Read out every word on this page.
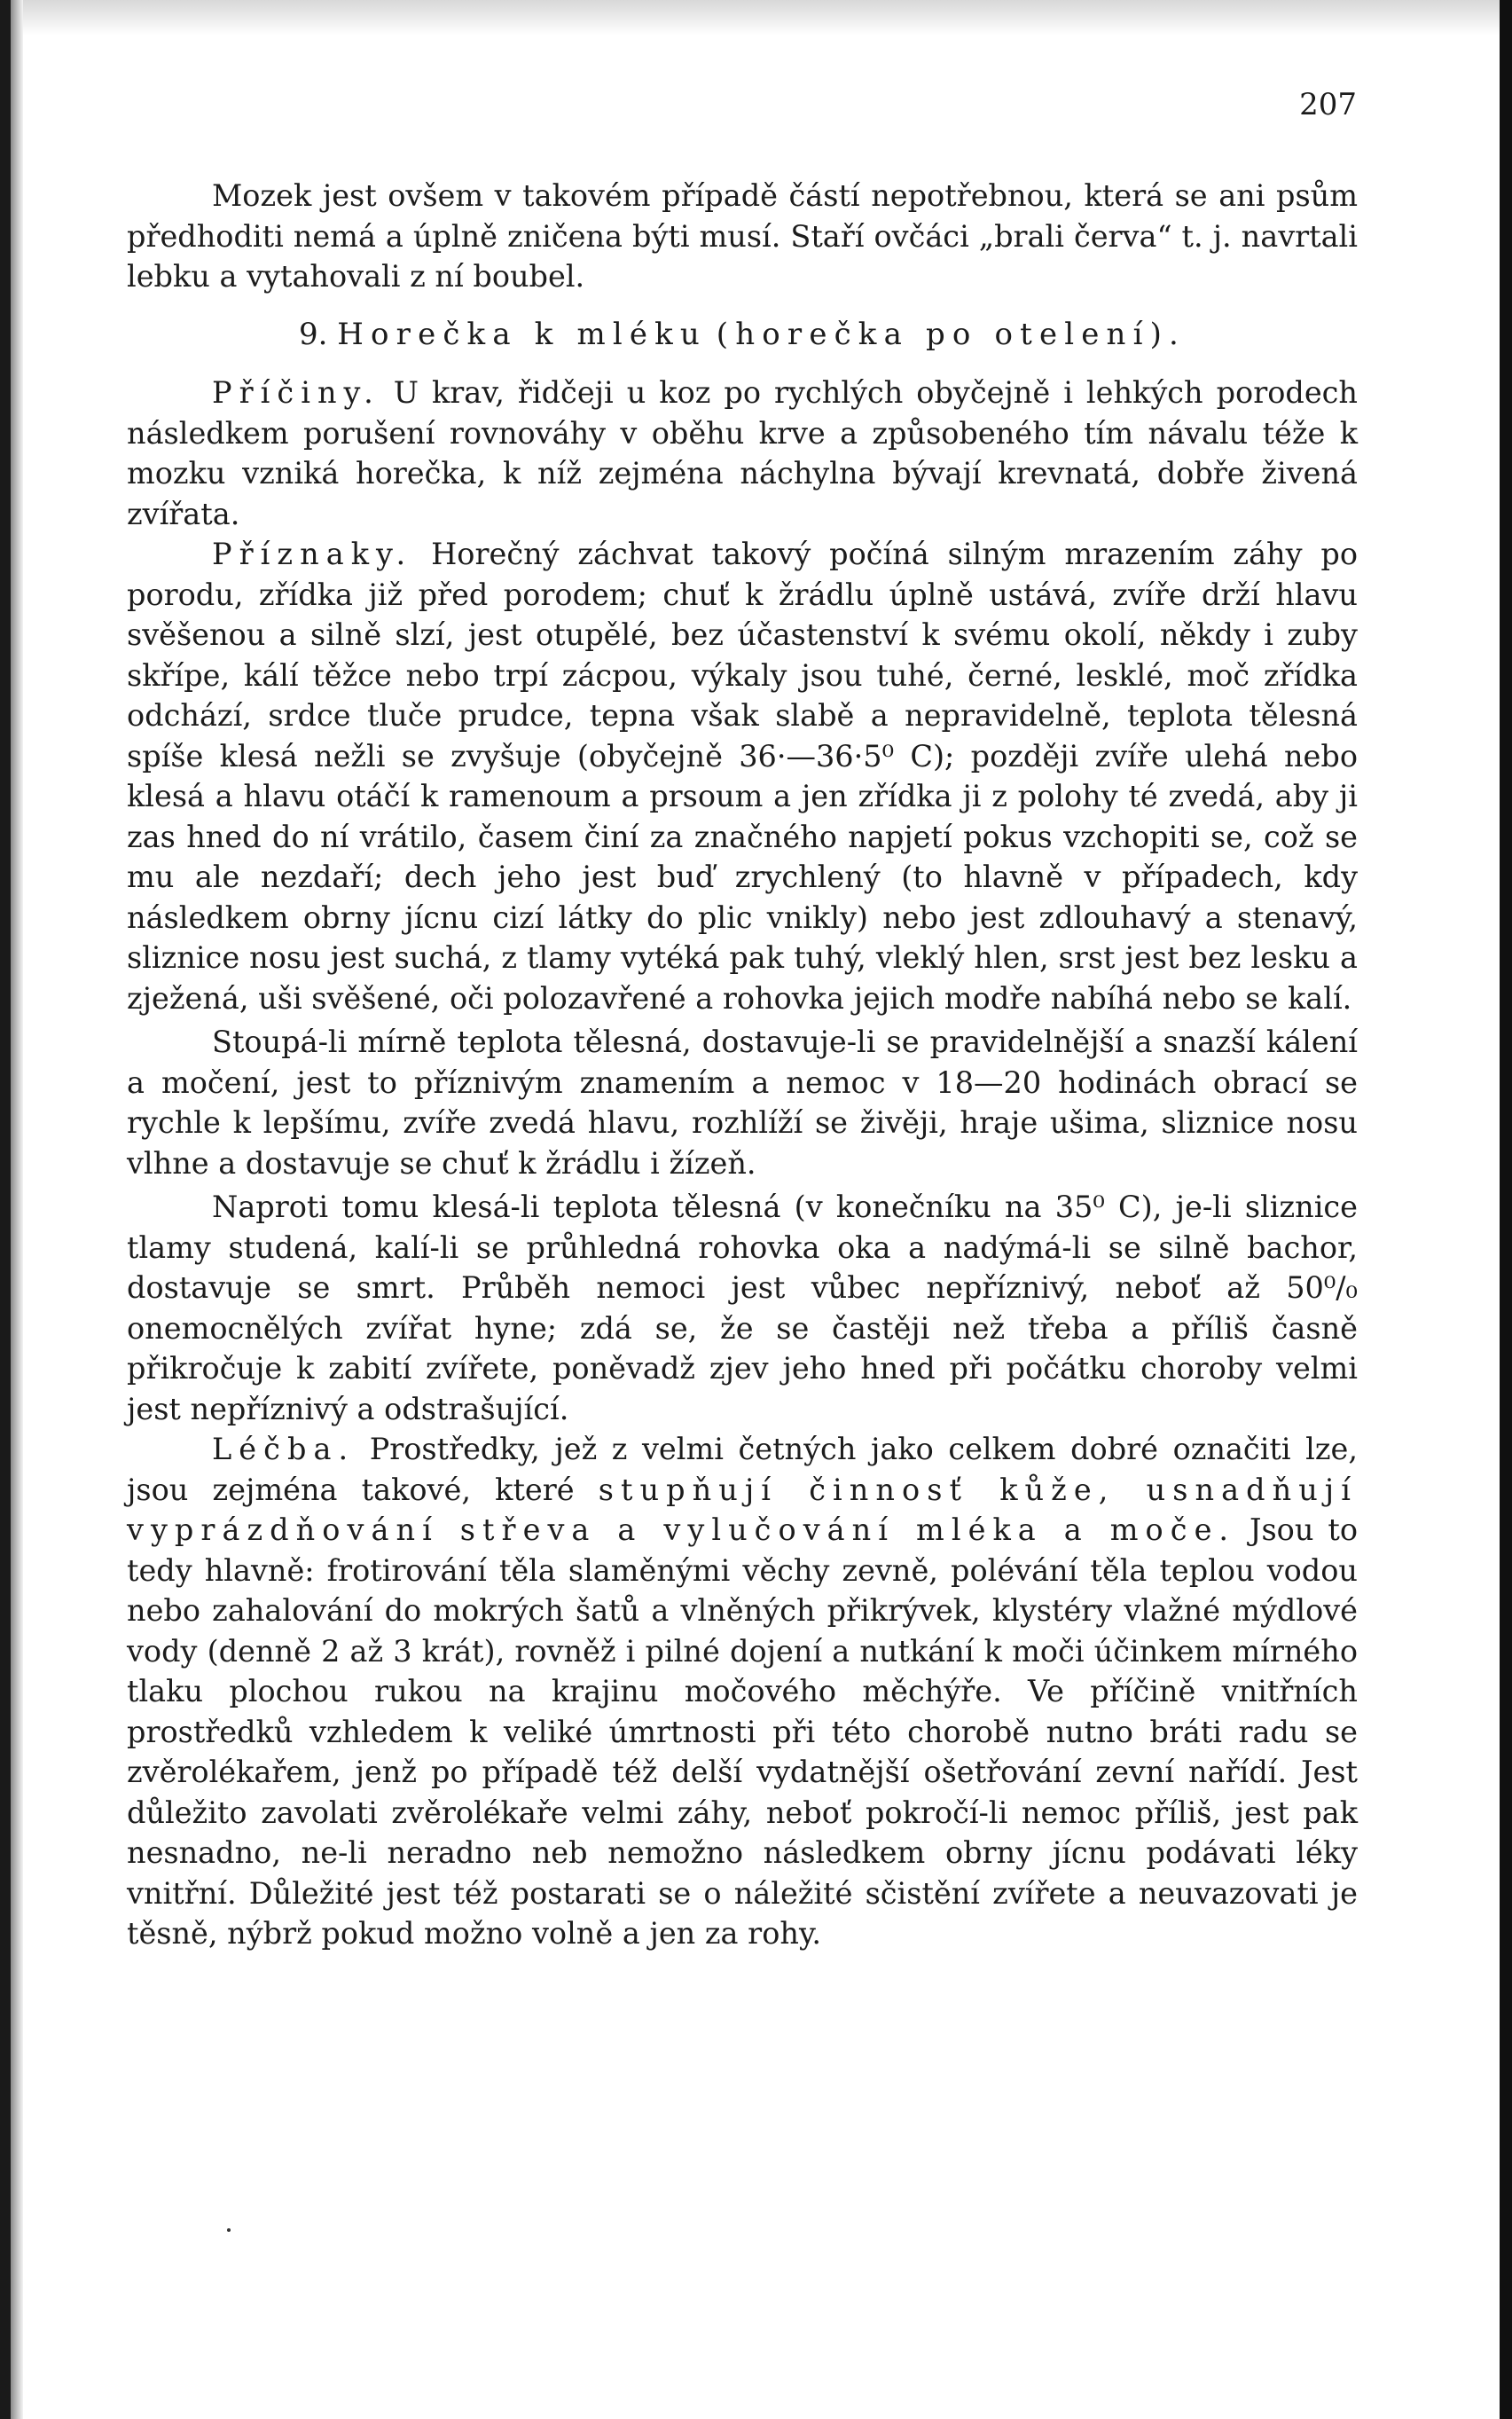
207

Mozek jest ovšem v takovém případě částí nepotřebnou, která se ani psům předhoditi nemá a úplně zničena býti musí. Staří ovčáci „brali červa“ t. j. navrtali lebku a vytahovali z ní boubel.

9. Horečka k mléku (horečka po otelení).

Příčiny. U krav, řidčeji u koz po rychlých obyčejně i lehkých porodech následkem porušení rovnováhy v oběhu krve a způsobeného tím návalu téže k mozku vzniká horečka, k níž zejména náchylna bývají krevnatá, dobře živená zvířata.

Příznaky. Horečný záchvat takový počíná silným mrazením záhy po porodu, zřídka již před porodem; chuť k žrádlu úplně ustává, zvíře drží hlavu svěšenou a silně slzí, jest otupělé, bez účastenství k svému okolí, někdy i zuby skřípe, kálí těžce nebo trpí zácpou, výkaly jsou tuhé, černé, lesklé, moč zřídka odchází, srdce tluče prudce, tepna však slabě a nepravidelně, teplota tělesná spíše klesá nežli se zvyšuje (obyčejně 36·—36·5⁰ C); později zvíře ulehá nebo klesá a hlavu otáčí k ramenoum a prsoum a jen zřídka ji z polohy té zvedá, aby ji zas hned do ní vrátilo, časem činí za značného napjetí pokus vzchopiti se, což se mu ale nezdaří; dech jeho jest buď zrychlený (to hlavně v případech, kdy následkem obrny jícnu cizí látky do plic vnikly) nebo jest zdlouhavý a stenavý, sliznice nosu jest suchá, z tlamy vytéká pak tuhý, vleklý hlen, srst jest bez lesku a zježená, uši svěšené, oči polozavřené a rohovka jejich modře nabíhá nebo se kalí.

Stoupá-li mírně teplota tělesná, dostavuje-li se pravidelnější a snazší kálení a močení, jest to příznivým znamením a nemoc v 18—20 hodinách obrací se rychle k lepšímu, zvíře zvedá hlavu, rozhlíží se živěji, hraje ušima, sliznice nosu vlhne a dostavuje se chuť k žrádlu i žízeň.

Naproti tomu klesá-li teplota tělesná (v konečníku na 35⁰ C), je-li sliznice tlamy studená, kalí-li se průhledná rohovka oka a nadýmá-li se silně bachor, dostavuje se smrt. Průběh nemoci jest vůbec nepříznivý, neboť až 50⁰/₀ onemocnělých zvířat hyne; zdá se, že se častěji než třeba a příliš časně přikročuje k zabití zvířete, poněvadž zjev jeho hned při počátku choroby velmi jest nepříznivý a odstrašující.

Léčba. Prostředky, jež z velmi četných jako celkem dobré označiti lze, jsou zejména takové, které stupňují činnosť kůže, usnadňují vyprázdňování střeva a vylučování mléka a moče. Jsou to tedy hlavně: frotirování těla slaměnými věchy zevně, polévání těla teplou vodou nebo zahalování do mokrých šatů a vlněných přikrývek, klystéry vlažné mýdlové vody (denně 2 až 3 krát), rovněž i pilné dojení a nutkání k moči účinkem mírného tlaku plochou rukou na krajinu močového měchýře. Ve příčině vnitřních prostředků vzhledem k veliké úmrtnosti při této chorobě nutno bráti radu se zvěrolékařem, jenž po případě též delší vydatnější ošetřování zevní nařídí. Jest důležito zavolati zvěrolékaře velmi záhy, neboť pokročí-li nemoc příliš, jest pak nesnadno, ne-li neradno neb nemožno následkem obrny jícnu podávati léky vnitřní. Důležité jest též postarati se o náležité sčistění zvířete a neuvazovati je těsně, nýbrž pokud možno volně a jen za rohy.
